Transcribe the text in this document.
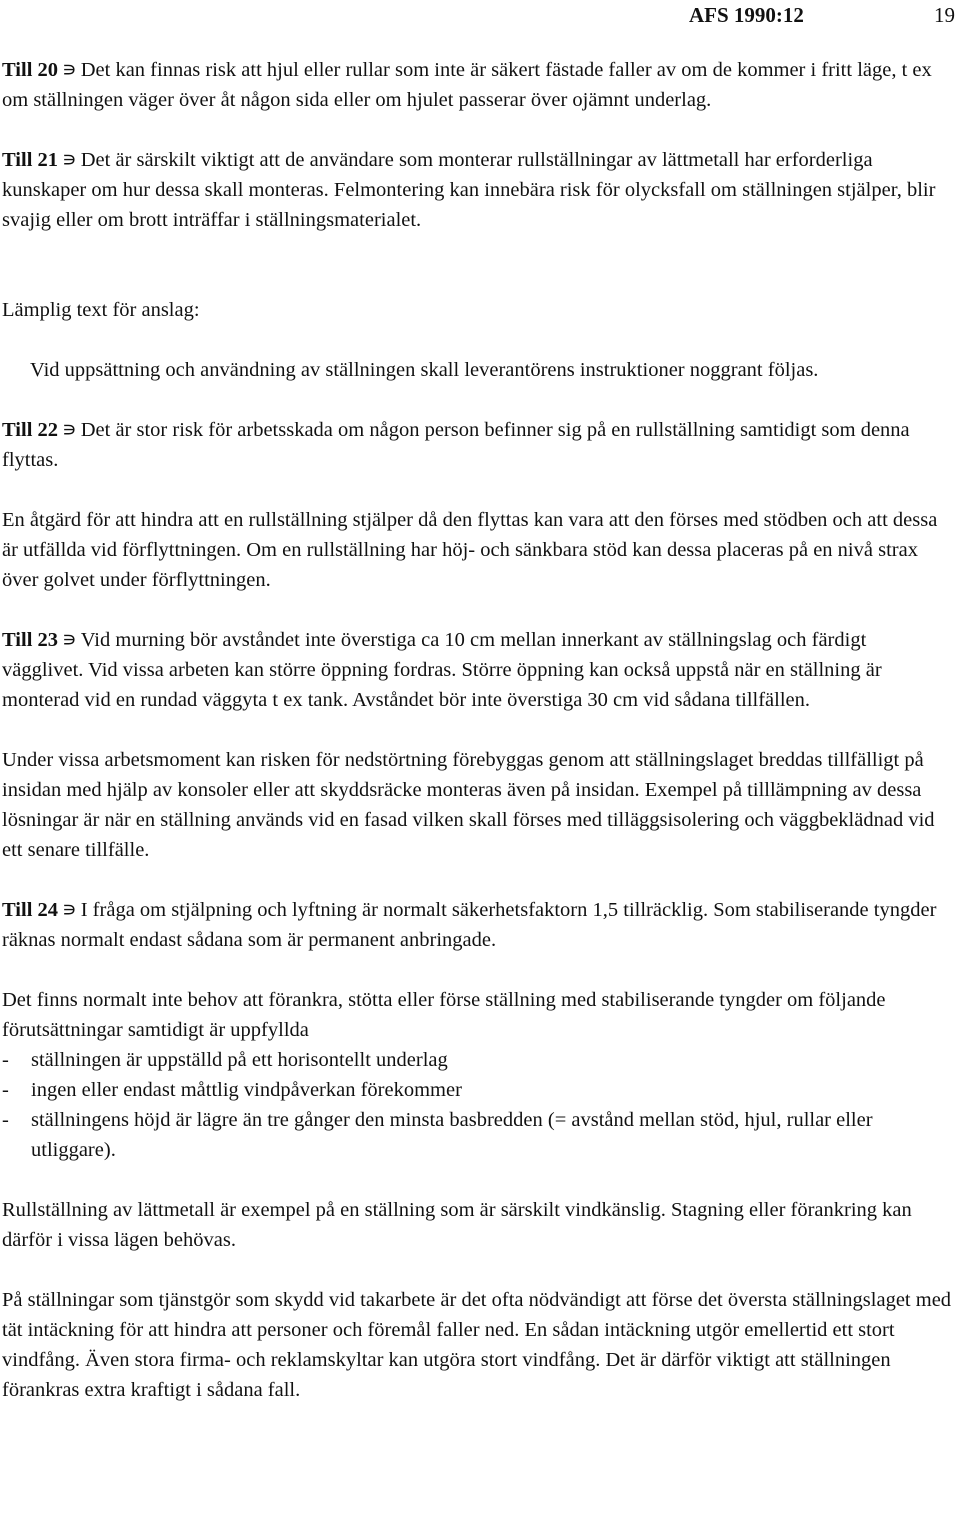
AFS 1990:12	19

Till 20 ∍ Det kan finnas risk att hjul eller rullar som inte är säkert fästade faller av om de kommer i fritt läge, t ex om ställningen väger över åt någon sida eller om hjulet passerar över ojämnt underlag.

Till 21 ∍ Det är särskilt viktigt att de användare som monterar rullställningar av lättmetall har erforderliga kunskaper om hur dessa skall monteras. Felmontering kan innebära risk för olycksfall om ställningen stjälper, blir svajig eller om brott inträffar i ställningsmaterialet.

Lämplig text för anslag:

Vid uppsättning och användning av ställningen skall leverantörens instruktioner noggrant följas.

Till 22 ∍ Det är stor risk för arbetsskada om någon person befinner sig på en rullställning samtidigt som denna flyttas.

En åtgärd för att hindra att en rullställning stjälper då den flyttas kan vara att den förses med stödben och att dessa är utfällda vid förflyttningen. Om en rullställning har höj- och sänkbara stöd kan dessa placeras på en nivå strax över golvet under förflyttningen.

Till 23 ∍ Vid murning bör avståndet inte överstiga ca 10 cm mellan innerkant av ställningslag och färdigt vägglivet. Vid vissa arbeten kan större öppning fordras. Större öppning kan också uppstå när en ställning är monterad vid en rundad väggyta t ex tank. Avståndet bör inte överstiga 30 cm vid sådana tillfällen.

Under vissa arbetsmoment kan risken för nedstörtning förebyggas genom att ställningslaget breddas tillfälligt på insidan med hjälp av konsoler eller att skyddsräcke monteras även på insidan. Exempel på tilllämpning av dessa lösningar är när en ställning används vid en fasad vilken skall förses med tilläggsisolering och väggbeklädnad vid ett senare tillfälle.

Till 24 ∍ I fråga om stjälpning och lyftning är normalt säkerhetsfaktorn 1,5 tillräcklig. Som stabiliserande tyngder räknas normalt endast sådana som är permanent anbringade.

Det finns normalt inte behov att förankra, stötta eller förse ställning med stabiliserande tyngder om följande förutsättningar samtidigt är uppfyllda

- ställningen är uppställd på ett horisontellt underlag
- ingen eller endast måttlig vindpåverkan förekommer
- ställningens höjd är lägre än tre gånger den minsta basbredden (= avstånd mellan stöd, hjul, rullar eller utliggare).

Rullställning av lättmetall är exempel på en ställning som är särskilt vindkänslig. Stagning eller förankring kan därför i vissa lägen behövas.

På ställningar som tjänstgör som skydd vid takarbete är det ofta nödvändigt att förse det översta ställningslaget med tät intäckning för att hindra att personer och föremål faller ned. En sådan intäckning utgör emellertid ett stort vindfång. Även stora firma- och reklamskyltar kan utgöra stort vindfång. Det är därför viktigt att ställningen förankras extra kraftigt i sådana fall.
